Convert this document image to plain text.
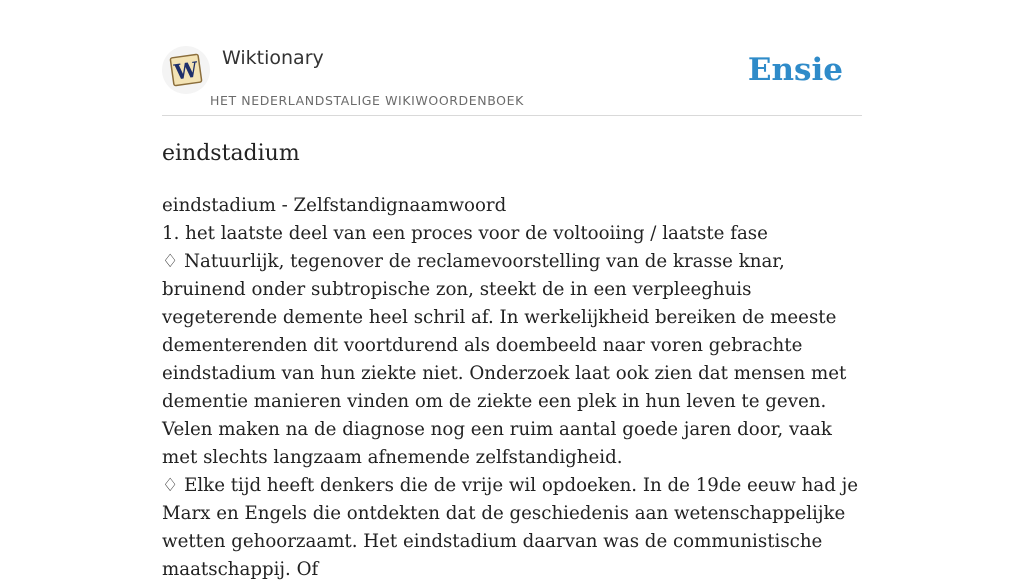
W Wiktionary
HET NEDERLANDSTALIGE WIKIWOORDENBOEK
Ensie
eindstadium

eindstadium - Zelfstandignaamwoord

1. het laatste deel van een proces voor de voltooiing / laatste fase

♢ Natuurlijk, tegenover de reclamevoorstelling van de krasse knar, bruinend onder subtropische zon, steekt de in een verpleeghuis vegeterende demente heel schril af. In werkelijkheid bereiken de meeste dementerenden dit voortdurend als doembeeld naar voren gebrachte eindstadium van hun ziekte niet. Onderzoek laat ook zien dat mensen met dementie manieren vinden om de ziekte een plek in hun leven te geven. Velen maken na de diagnose nog een ruim aantal goede jaren door, vaak met slechts langzaam afnemende zelfstandigheid.

♢ Elke tijd heeft denkers die de vrije wil opdoeken. In de 19de eeuw had je Marx en Engels die ontdekten dat de geschiedenis aan wetenschappelijke wetten gehoorzaamt. Het eindstadium daarvan was de communistische maatschappij. Of
